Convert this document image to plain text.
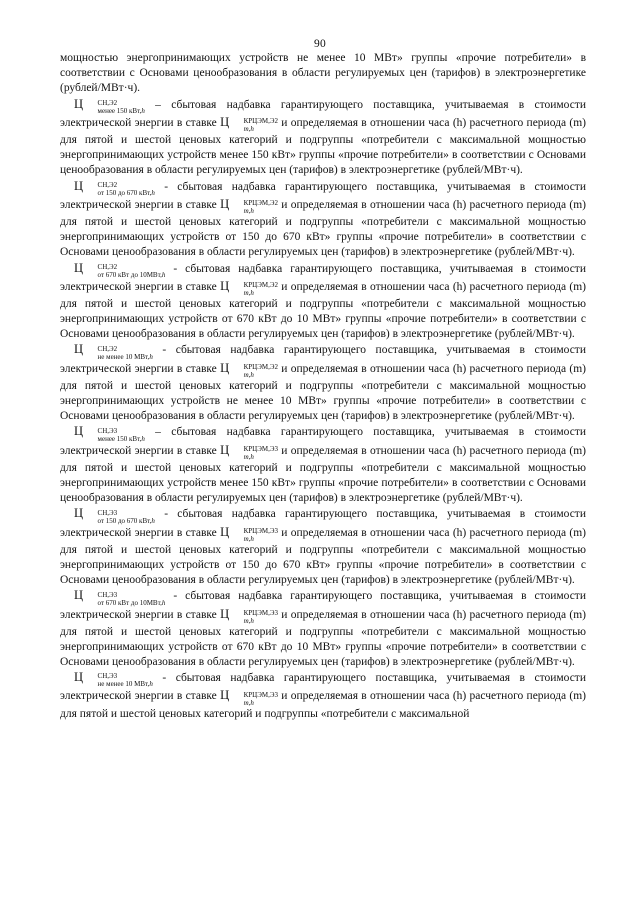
90

мощностью энергопринимающих устройств не менее 10 МВт» группы «прочие потребители» в соответствии с Основами ценообразования в области регулируемых цен (тарифов) в электроэнергетике (рублей/МВт·ч).

Ц	СН,Э2
менее 150 кВт,h
– сбытовая надбавка гарантирующего поставщика, учитываемая в стоимости электрической энергии в ставке Ц	КРЦЭМ,Э2
m,h
и определяемая в отношении часа (h) расчетного периода (m) для пятой и шестой ценовых категорий и подгруппы «потребители с максимальной мощностью энергопринимающих устройств менее 150 кВт» группы «прочие потребители» в соответствии с Основами ценообразования в области регулируемых цен (тарифов) в электроэнергетике (рублей/МВт·ч).

Ц	СН,Э2
от 150 до 670 кВт,h
- сбытовая надбавка гарантирующего поставщика, учитываемая в стоимости электрической энергии в ставке Ц	КРЦЭМ,Э2
m,h
и определяемая в отношении часа (h) расчетного периода (m) для пятой и шестой ценовых категорий и подгруппы «потребители с максимальной мощностью энергопринимающих устройств от 150 до 670 кВт» группы «прочие потребители» в соответствии с Основами ценообразования в области регулируемых цен (тарифов) в электроэнергетике (рублей/МВт·ч).

Ц	СН,Э2
от 670 кВт до 10МВт,h
- сбытовая надбавка гарантирующего поставщика, учитываемая в стоимости электрической энергии в ставке Ц	КРЦЭМ,Э2
m,h
и определяемая в отношении часа (h) расчетного периода (m) для пятой и шестой ценовых категорий и подгруппы «потребители с максимальной мощностью энергопринимающих устройств от 670 кВт до 10 МВт» группы «прочие потребители» в соответствии с Основами ценообразования в области регулируемых цен (тарифов) в электроэнергетике (рублей/МВт·ч).

Ц	СН,Э2
не менее 10 МВт,h
- сбытовая надбавка гарантирующего поставщика, учитываемая в стоимости электрической энергии в ставке Ц	КРЦЭМ,Э2
m,h
и определяемая в отношении часа (h) расчетного периода (m) для пятой и шестой ценовых категорий и подгруппы «потребители с максимальной мощностью энергопринимающих устройств не менее 10 МВт» группы «прочие потребители» в соответствии с Основами ценообразования в области регулируемых цен (тарифов) в электроэнергетике (рублей/МВт·ч).

Ц	СН,Э3
менее 150 кВт,h
– сбытовая надбавка гарантирующего поставщика, учитываемая в стоимости электрической энергии в ставке Ц	КРЦЭМ,Э3
m,h
и определяемая в отношении часа (h) расчетного периода (m) для пятой и шестой ценовых категорий и подгруппы «потребители с максимальной мощностью энергопринимающих устройств менее 150 кВт» группы «прочие потребители» в соответствии с Основами ценообразования в области регулируемых цен (тарифов) в электроэнергетике (рублей/МВт·ч).

Ц	СН,Э3
от 150 до 670 кВт,h
- сбытовая надбавка гарантирующего поставщика, учитываемая в стоимости электрической энергии в ставке Ц	КРЦЭМ,Э3
m,h
и определяемая в отношении часа (h) расчетного периода (m) для пятой и шестой ценовых категорий и подгруппы «потребители с максимальной мощностью энергопринимающих устройств от 150 до 670 кВт» группы «прочие потребители» в соответствии с Основами ценообразования в области регулируемых цен (тарифов) в электроэнергетике (рублей/МВт·ч).

Ц	СН,Э3
от 670 кВт до 10МВт,h
- сбытовая надбавка гарантирующего поставщика, учитываемая в стоимости электрической энергии в ставке Ц	КРЦЭМ,Э3
m,h
и определяемая в отношении часа (h) расчетного периода (m) для пятой и шестой ценовых категорий и подгруппы «потребители с максимальной мощностью энергопринимающих устройств от 670 кВт до 10 МВт» группы «прочие потребители» в соответствии с Основами ценообразования в области регулируемых цен (тарифов) в электроэнергетике (рублей/МВт·ч).

Ц	СН,Э3
не менее 10 МВт,h
- сбытовая надбавка гарантирующего поставщика, учитываемая в стоимости электрической энергии в ставке Ц	КРЦЭМ,Э3
m,h
и определяемая в отношении часа (h) расчетного периода (m) для пятой и шестой ценовых категорий и подгруппы «потребители с максимальной
